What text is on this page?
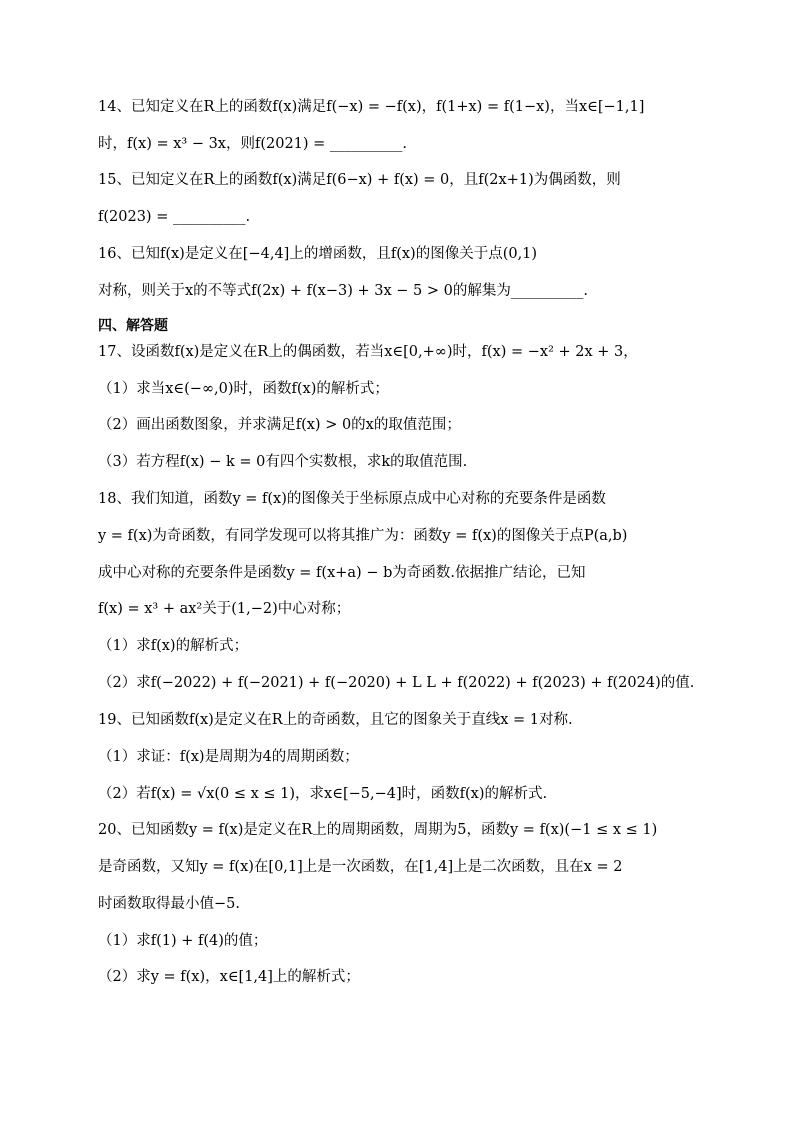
14、已知定义在R上的函数f(x)满足f(−x) = −f(x)，f(1+x) = f(1−x)，当x∈[−1,1]
时，f(x) = x³ − 3x，则f(2021) = __________.
15、已知定义在R上的函数f(x)满足f(6−x) + f(x) = 0，且f(2x+1)为偶函数，则
f(2023) = __________.
16、已知f(x)是定义在[−4,4]上的增函数，且f(x)的图像关于点(0,1)
对称，则关于x的不等式f(2x) + f(x−3) + 3x − 5 > 0的解集为__________.
四、解答题
17、设函数f(x)是定义在R上的偶函数，若当x∈[0,+∞)时，f(x) = −x² + 2x + 3，
（1）求当x∈(−∞,0)时，函数f(x)的解析式；
（2）画出函数图象，并求满足f(x) > 0的x的取值范围；
（3）若方程f(x) − k = 0有四个实数根，求k的取值范围.
18、我们知道，函数y = f(x)的图像关于坐标原点成中心对称的充要条件是函数
y = f(x)为奇函数，有同学发现可以将其推广为：函数y = f(x)的图像关于点P(a,b)
成中心对称的充要条件是函数y = f(x+a) − b为奇函数.依据推广结论，已知
f(x) = x³ + ax²关于(1,−2)中心对称；
（1）求f(x)的解析式；
（2）求f(−2022) + f(−2021) + f(−2020) + L L + f(2022) + f(2023) + f(2024)的值.
19、已知函数f(x)是定义在R上的奇函数，且它的图象关于直线x = 1对称.
（1）求证：f(x)是周期为4的周期函数；
（2）若f(x) = √x(0 ≤ x ≤ 1)，求x∈[−5,−4]时，函数f(x)的解析式.
20、已知函数y = f(x)是定义在R上的周期函数，周期为5，函数y = f(x)(−1 ≤ x ≤ 1)
是奇函数，又知y = f(x)在[0,1]上是一次函数，在[1,4]上是二次函数，且在x = 2
时函数取得最小值−5.
（1）求f(1) + f(4)的值；
（2）求y = f(x)，x∈[1,4]上的解析式；
